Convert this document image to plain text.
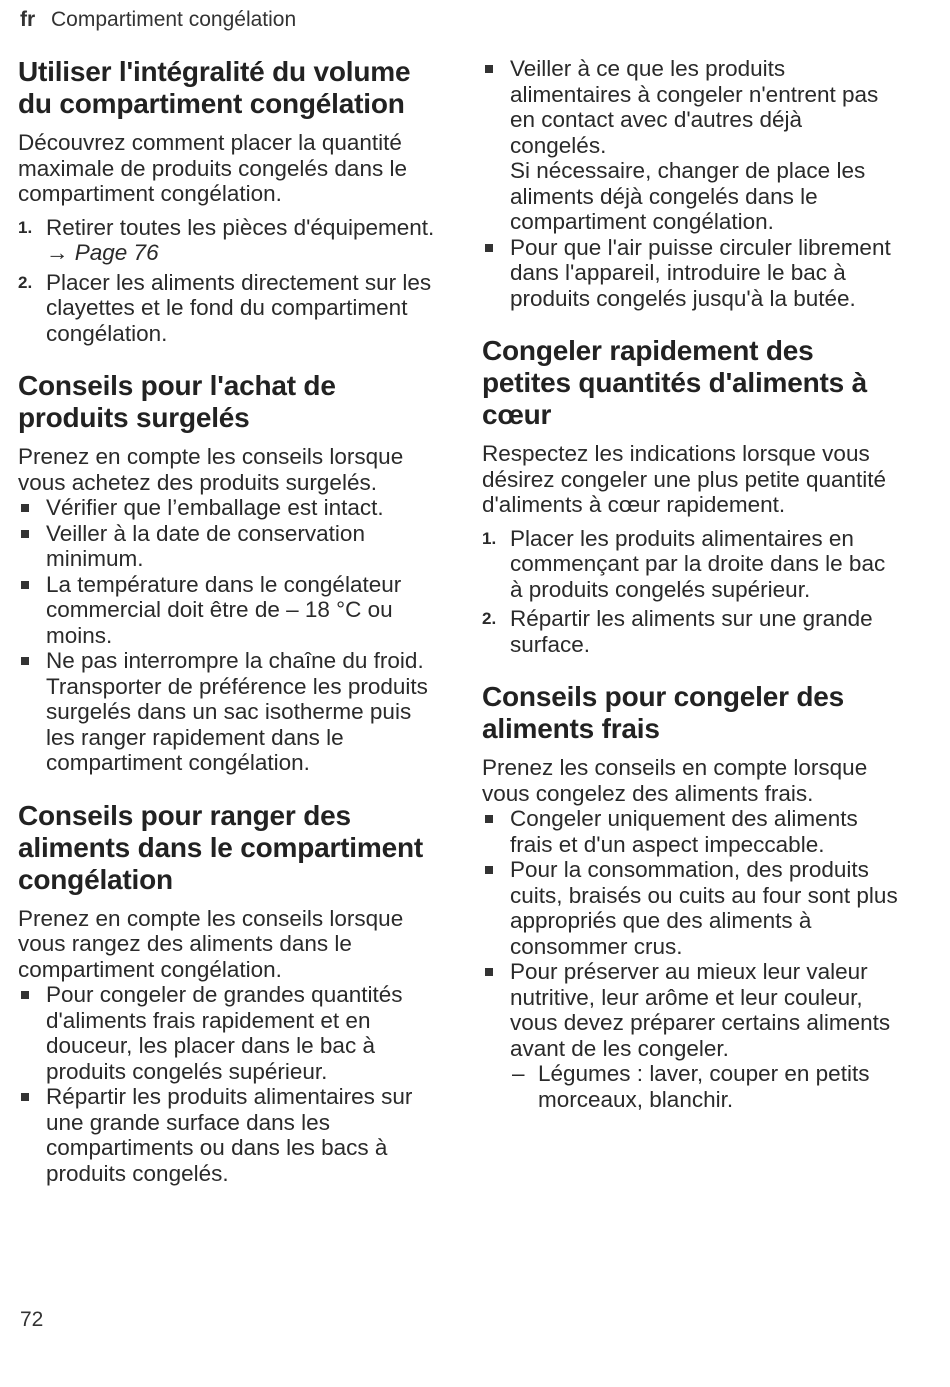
fr Compartiment congélation
Utiliser l'intégralité du volume du compartiment congélation

Découvrez comment placer la quantité maximale de produits congelés dans le compartiment congélation.

1. Retirer toutes les pièces d'équipement. → Page 76
2. Placer les aliments directement sur les clayettes et le fond du compartiment congélation.
Conseils pour l'achat de produits surgelés

Prenez en compte les conseils lorsque vous achetez des produits surgelés.

Vérifier que l’emballage est intact.
Veiller à la date de conservation minimum.
La température dans le congélateur commercial doit être de – 18 °C ou moins.
Ne pas interrompre la chaîne du froid. Transporter de préférence les produits surgelés dans un sac isotherme puis les ranger rapidement dans le compartiment congélation.
Conseils pour ranger des aliments dans le compartiment congélation

Prenez en compte les conseils lorsque vous rangez des aliments dans le compartiment congélation.

Pour congeler de grandes quantités d'aliments frais rapidement et en douceur, les placer dans le bac à produits congelés supérieur.
Répartir les produits alimentaires sur une grande surface dans les compartiments ou dans les bacs à produits congelés.
Veiller à ce que les produits alimentaires à congeler n'entrent pas en contact avec d'autres déjà congelés.
Si nécessaire, changer de place les aliments déjà congelés dans le compartiment congélation.
Pour que l'air puisse circuler librement dans l'appareil, introduire le bac à produits congelés jusqu'à la butée.
Congeler rapidement des petites quantités d'aliments à cœur

Respectez les indications lorsque vous désirez congeler une plus petite quantité d'aliments à cœur rapidement.

1. Placer les produits alimentaires en commençant par la droite dans le bac à produits congelés supérieur.
2. Répartir les aliments sur une grande surface.
Conseils pour congeler des aliments frais

Prenez les conseils en compte lorsque vous congelez des aliments frais.

Congeler uniquement des aliments frais et d'un aspect impeccable.
Pour la consommation, des produits cuits, braisés ou cuits au four sont plus appropriés que des aliments à consommer crus.
Pour préserver au mieux leur valeur nutritive, leur arôme et leur couleur, vous devez préparer certains aliments avant de les congeler.
– Légumes : laver, couper en petits morceaux, blanchir.
72
